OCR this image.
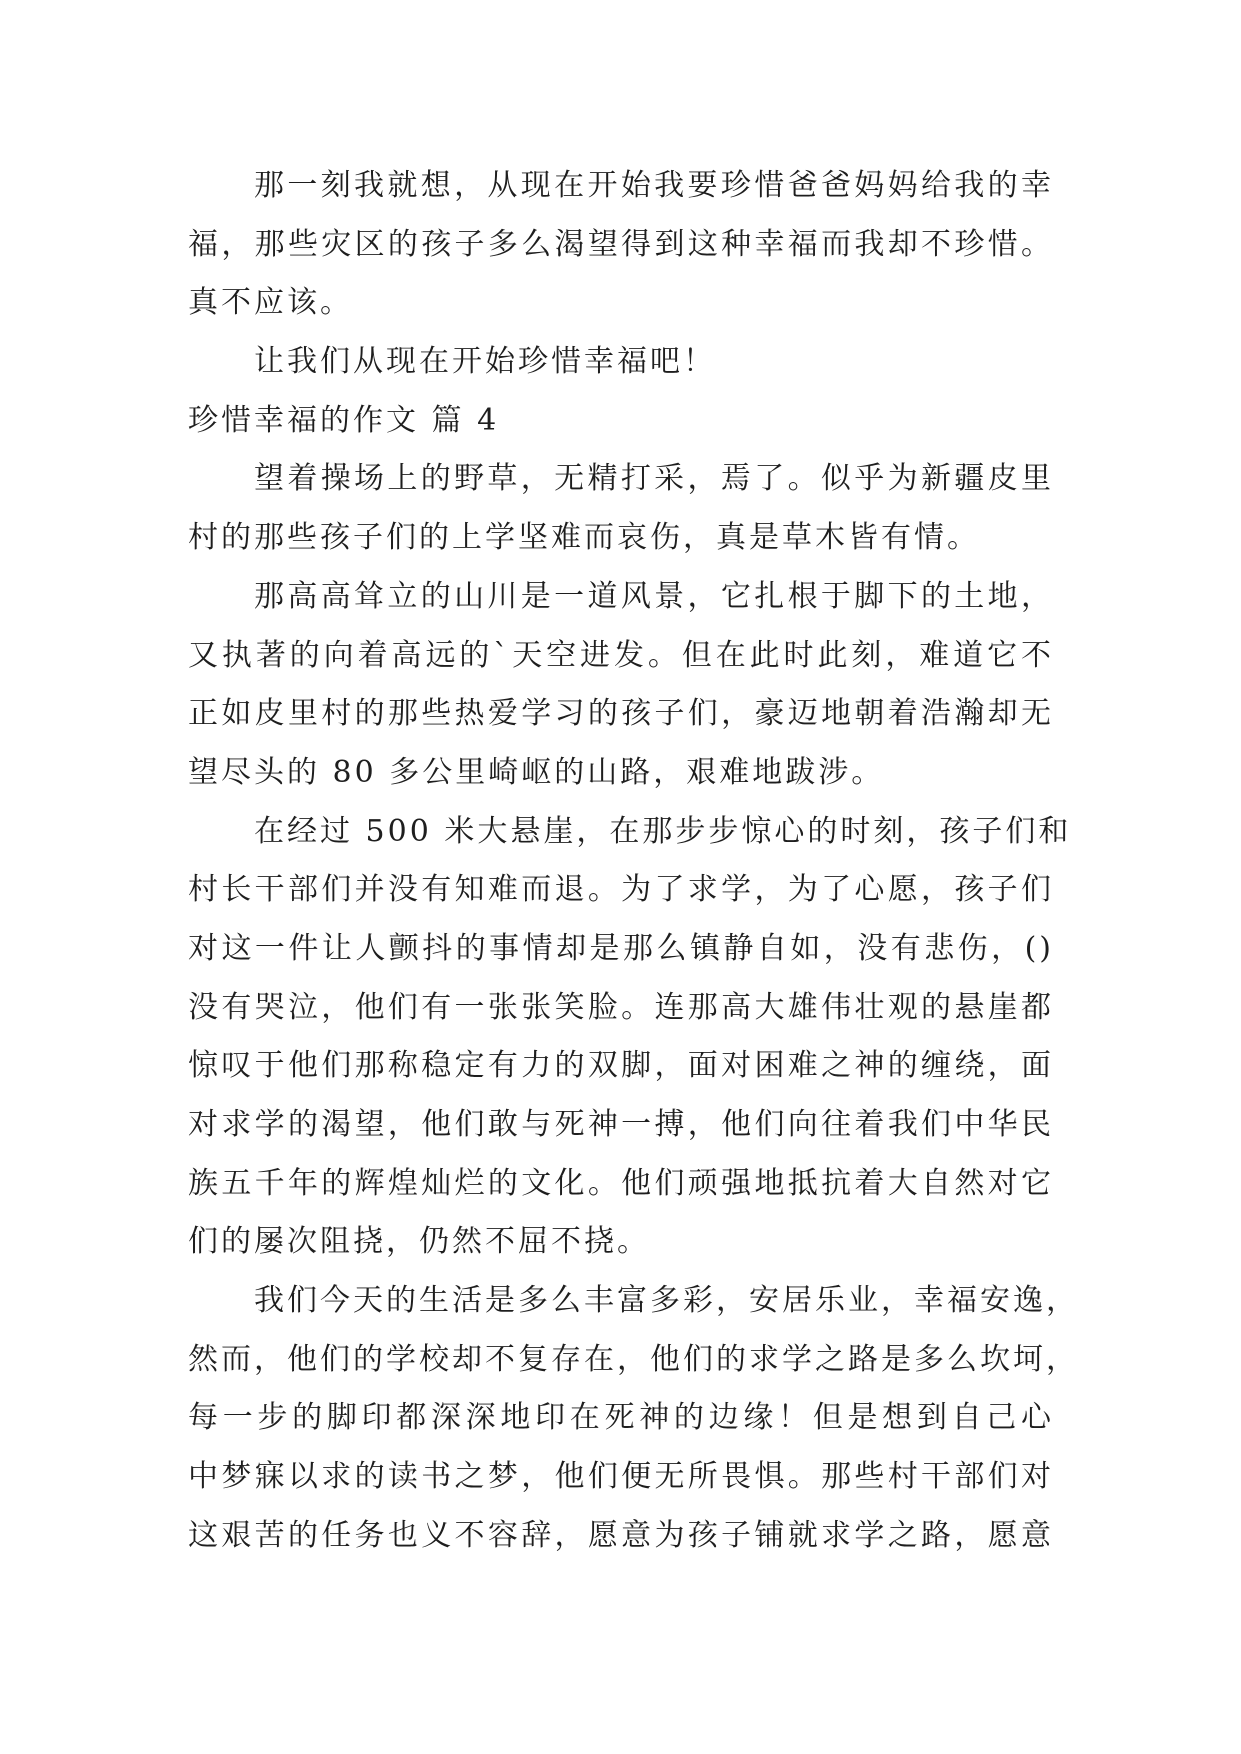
那一刻我就想，从现在开始我要珍惜爸爸妈妈给我的幸
福，那些灾区的孩子多么渴望得到这种幸福而我却不珍惜。
真不应该。
让我们从现在开始珍惜幸福吧！
珍惜幸福的作文 篇 4
望着操场上的野草，无精打采，焉了。似乎为新疆皮里
村的那些孩子们的上学坚难而哀伤，真是草木皆有情。
那高高耸立的山川是一道风景，它扎根于脚下的土地，
又执著的向着高远的`天空进发。但在此时此刻，难道它不
正如皮里村的那些热爱学习的孩子们，豪迈地朝着浩瀚却无
望尽头的 80 多公里崎岖的山路，艰难地跋涉。
在经过 500 米大悬崖，在那步步惊心的时刻，孩子们和
村长干部们并没有知难而退。为了求学，为了心愿，孩子们
对这一件让人颤抖的事情却是那么镇静自如，没有悲伤，()
没有哭泣，他们有一张张笑脸。连那高大雄伟壮观的悬崖都
惊叹于他们那称稳定有力的双脚，面对困难之神的缠绕，面
对求学的渴望，他们敢与死神一搏，他们向往着我们中华民
族五千年的辉煌灿烂的文化。他们顽强地抵抗着大自然对它
们的屡次阻挠，仍然不屈不挠。
我们今天的生活是多么丰富多彩，安居乐业，幸福安逸，
然而，他们的学校却不复存在，他们的求学之路是多么坎坷，
每一步的脚印都深深地印在死神的边缘！但是想到自己心
中梦寐以求的读书之梦，他们便无所畏惧。那些村干部们对
这艰苦的任务也义不容辞，愿意为孩子铺就求学之路，愿意
